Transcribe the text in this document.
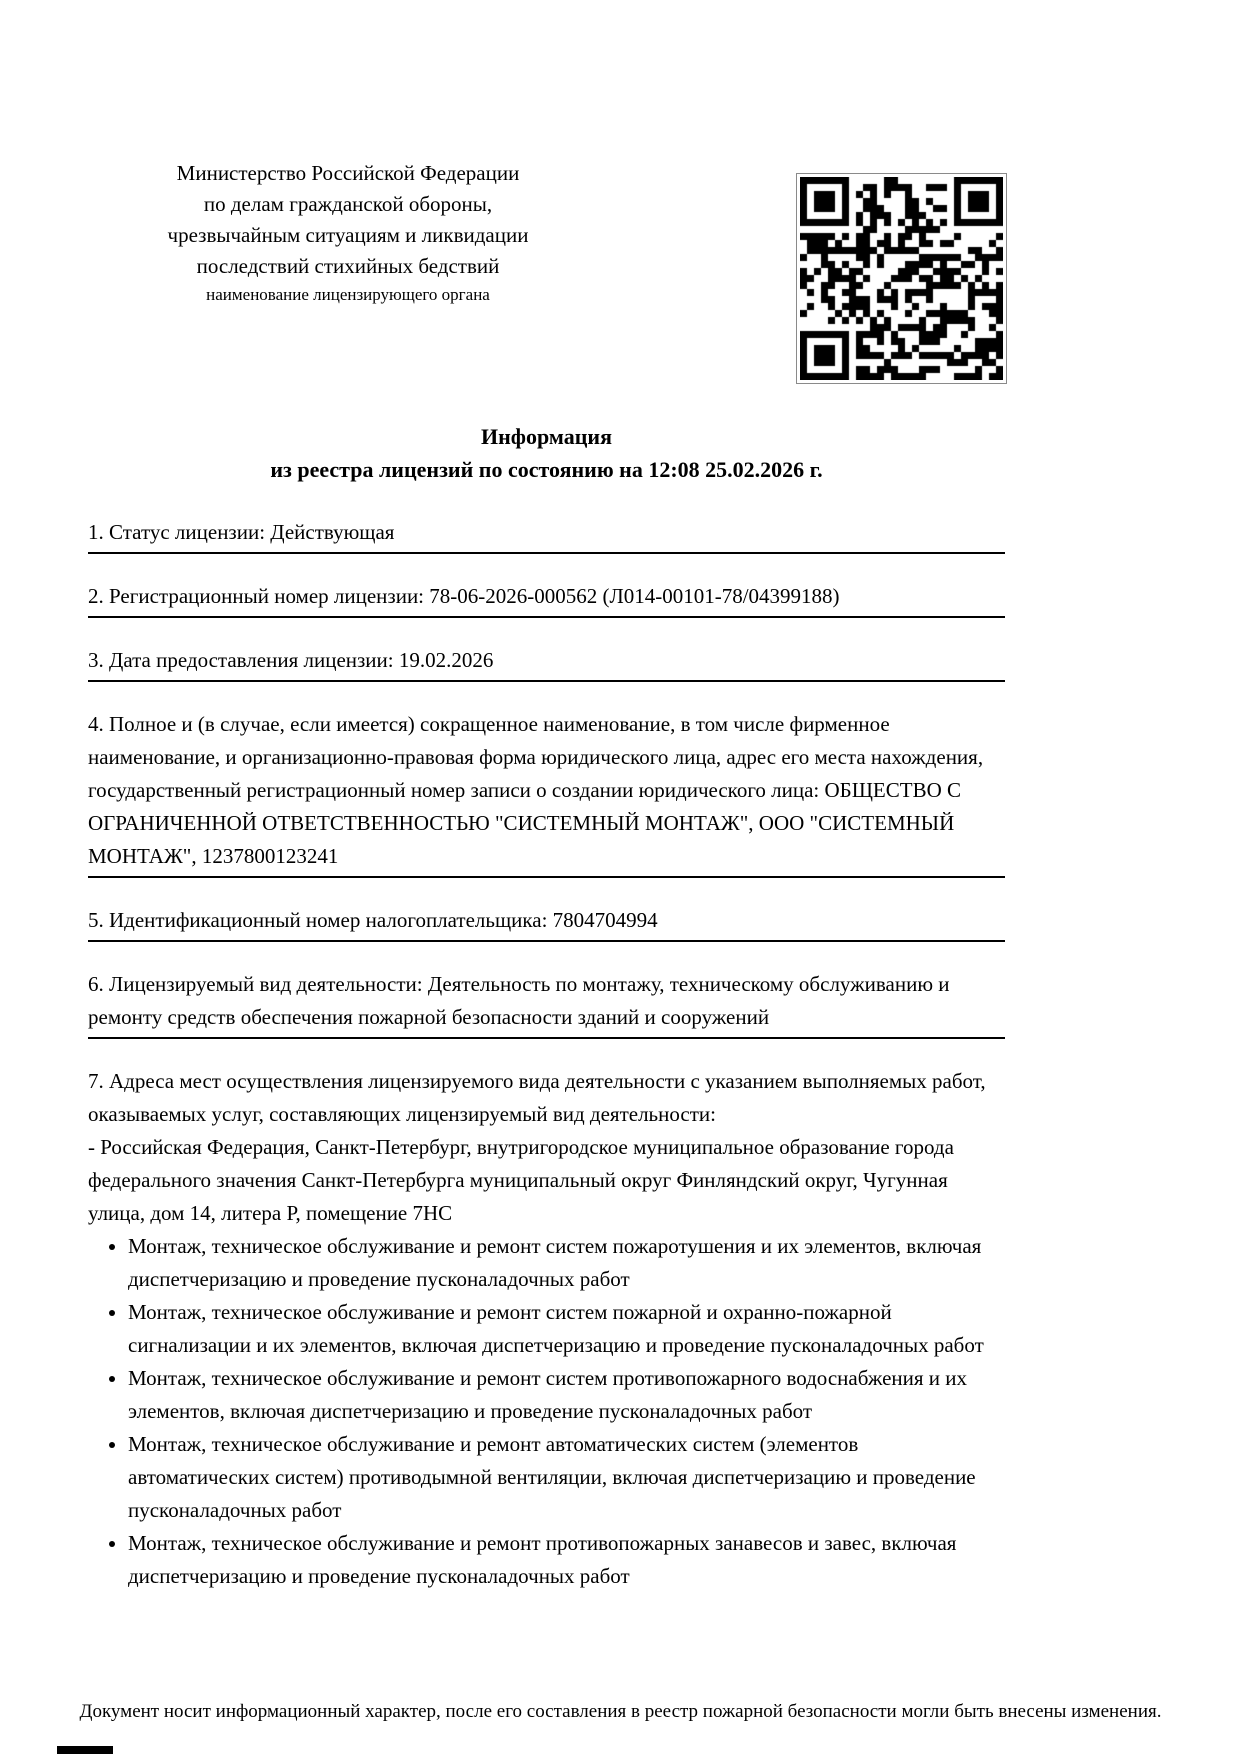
Министерство Российской Федерации
по делам гражданской обороны,
чрезвычайным ситуациям и ликвидации
последствий стихийных бедствий
наименование лицензирующего органа
Информация
из реестра лицензий по состоянию на 12:08 25.02.2026 г.
1. Статус лицензии: Действующая
2. Регистрационный номер лицензии: 78-06-2026-000562 (Л014-00101-78/04399188)
3. Дата предоставления лицензии: 19.02.2026
4. Полное и (в случае, если имеется) сокращенное наименование, в том числе фирменное наименование, и организационно-правовая форма юридического лица, адрес его места нахождения, государственный регистрационный номер записи о создании юридического лица: ОБЩЕСТВО С ОГРАНИЧЕННОЙ ОТВЕТСТВЕННОСТЬЮ "СИСТЕМНЫЙ МОНТАЖ", ООО "СИСТЕМНЫЙ МОНТАЖ", 1237800123241
5. Идентификационный номер налогоплательщика: 7804704994
6. Лицензируемый вид деятельности: Деятельность по монтажу, техническому обслуживанию и ремонту средств обеспечения пожарной безопасности зданий и сооружений

7. Адреса мест осуществления лицензируемого вида деятельности с указанием выполняемых работ, оказываемых услуг, составляющих лицензируемый вид деятельности:

- Российская Федерация, Санкт-Петербург, внутригородское муниципальное образование города федерального значения Санкт-Петербурга муниципальный округ Финляндский округ, Чугунная улица, дом 14, литера Р, помещение 7НС

• Монтаж, техническое обслуживание и ремонт систем пожаротушения и их элементов, включая диспетчеризацию и проведение пусконаладочных работ
• Монтаж, техническое обслуживание и ремонт систем пожарной и охранно-пожарной сигнализации и их элементов, включая диспетчеризацию и проведение пусконаладочных работ
• Монтаж, техническое обслуживание и ремонт систем противопожарного водоснабжения и их элементов, включая диспетчеризацию и проведение пусконаладочных работ
• Монтаж, техническое обслуживание и ремонт автоматических систем (элементов автоматических систем) противодымной вентиляции, включая диспетчеризацию и проведение пусконаладочных работ
• Монтаж, техническое обслуживание и ремонт противопожарных занавесов и завес, включая диспетчеризацию и проведение пусконаладочных работ
Документ носит информационный характер, после его составления в реестр пожарной безопасности могли быть внесены изменения.
